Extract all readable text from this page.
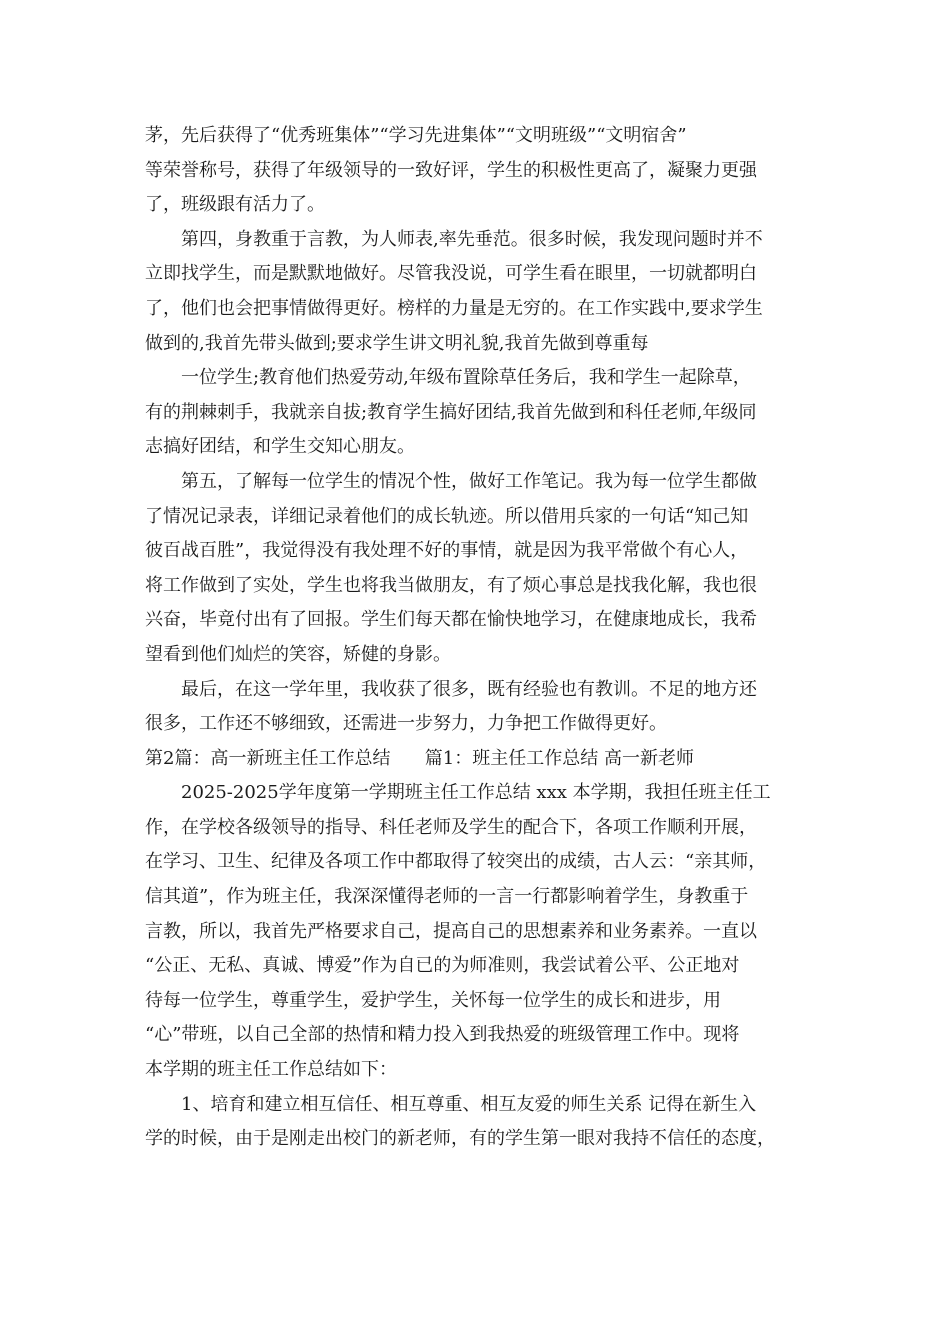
茅，先后获得了“优秀班集体”“学习先进集体”“文明班级”“文明宿舍”
等荣誉称号，获得了年级领导的一致好评，学生的积极性更高了，凝聚力更强
了，班级跟有活力了。
第四，身教重于言教，为人师表,率先垂范。很多时候，我发现问题时并不
立即找学生，而是默默地做好。尽管我没说，可学生看在眼里，一切就都明白
了，他们也会把事情做得更好。榜样的力量是无穷的。在工作实践中,要求学生
做到的,我首先带头做到;要求学生讲文明礼貌,我首先做到尊重每
一位学生;教育他们热爱劳动,年级布置除草任务后，我和学生一起除草，
有的荆棘刺手，我就亲自拔;教育学生搞好团结,我首先做到和科任老师,年级同
志搞好团结，和学生交知心朋友。
第五，了解每一位学生的情况个性，做好工作笔记。我为每一位学生都做
了情况记录表，详细记录着他们的成长轨迹。所以借用兵家的一句话“知己知
彼百战百胜”，我觉得没有我处理不好的事情，就是因为我平常做个有心人，
将工作做到了实处，学生也将我当做朋友，有了烦心事总是找我化解，我也很
兴奋，毕竟付出有了回报。学生们每天都在愉快地学习，在健康地成长，我希
望看到他们灿烂的笑容，矫健的身影。
最后，在这一学年里，我收获了很多，既有经验也有教训。不足的地方还
很多，工作还不够细致，还需进一步努力，力争把工作做得更好。
第2篇：高一新班主任工作总结      篇1：班主任工作总结 高一新老师
2025-2025学年度第一学期班主任工作总结 xxx 本学期，我担任班主任工
作，在学校各级领导的指导、科任老师及学生的配合下，各项工作顺利开展，
在学习、卫生、纪律及各项工作中都取得了较突出的成绩，古人云：“亲其师，
信其道”，作为班主任，我深深懂得老师的一言一行都影响着学生，身教重于
言教，所以，我首先严格要求自己，提高自己的思想素养和业务素养。一直以
“公正、无私、真诚、博爱”作为自已的为师准则，我尝试着公平、公正地对
待每一位学生，尊重学生，爱护学生，关怀每一位学生的成长和进步，用
“心”带班，以自己全部的热情和精力投入到我热爱的班级管理工作中。现将
本学期的班主任工作总结如下：
1、培育和建立相互信任、相互尊重、相互友爱的师生关系 记得在新生入
学的时候，由于是刚走出校门的新老师，有的学生第一眼对我持不信任的态度，
